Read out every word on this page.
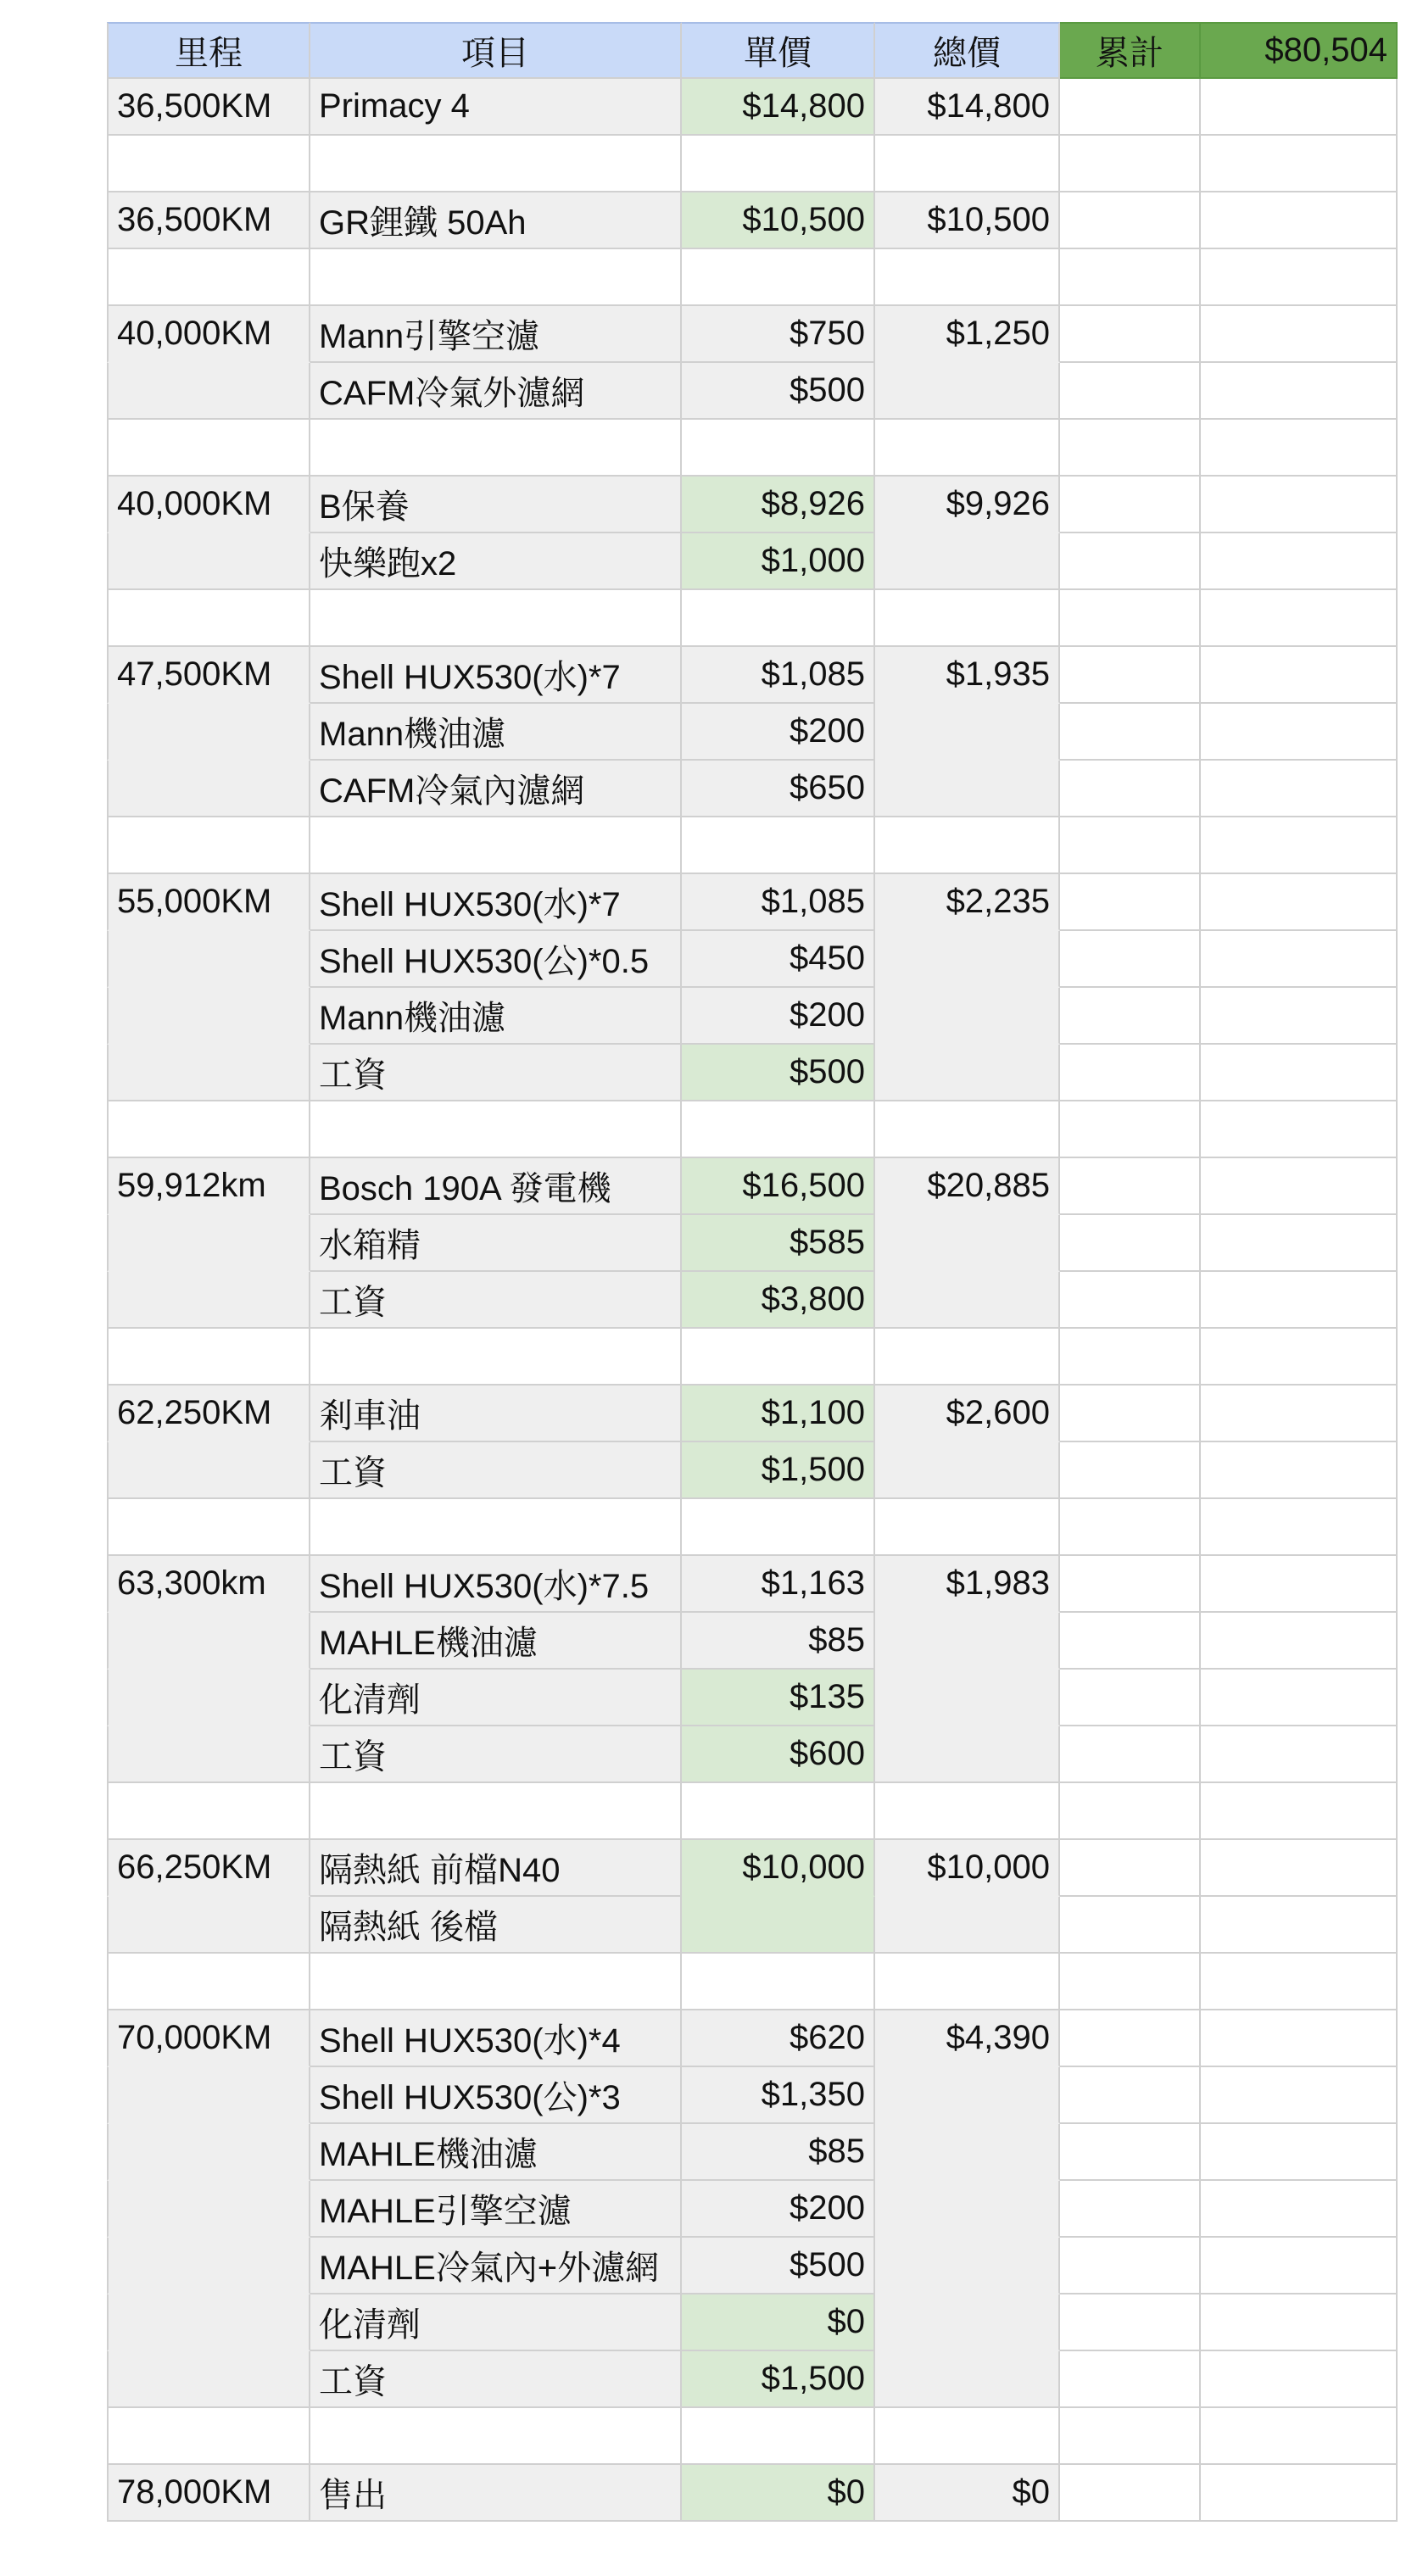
里程	項目	單價	總價	累計	$80,504
36,500KM	Primacy 4	$14,800	$14,800
36,500KM	GR鋰鐵 50Ah	$10,500	$10,500
40,000KM	Mann引擎空濾	$750	$1,250
CAFM冷氣外濾網	$500
40,000KM	B保養	$8,926	$9,926
快樂跑x2	$1,000
47,500KM	Shell HUX530(水)*7	$1,085	$1,935
Mann機油濾	$200
CAFM冷氣內濾網	$650
55,000KM	Shell HUX530(水)*7	$1,085	$2,235
Shell HUX530(公)*0.5	$450
Mann機油濾	$200
工資	$500
59,912km	Bosch 190A 發電機	$16,500	$20,885
水箱精	$585
工資	$3,800
62,250KM	剎車油	$1,100	$2,600
工資	$1,500
63,300km	Shell HUX530(水)*7.5	$1,163	$1,983
MAHLE機油濾	$85
化清劑	$135
工資	$600
66,250KM	隔熱紙 前檔N40	$10,000	$10,000
隔熱紙 後檔
70,000KM	Shell HUX530(水)*4	$620	$4,390
Shell HUX530(公)*3	$1,350
MAHLE機油濾	$85
MAHLE引擎空濾	$200
MAHLE冷氣內+外濾網	$500
化清劑	$0
工資	$1,500
78,000KM	售出	$0	$0
